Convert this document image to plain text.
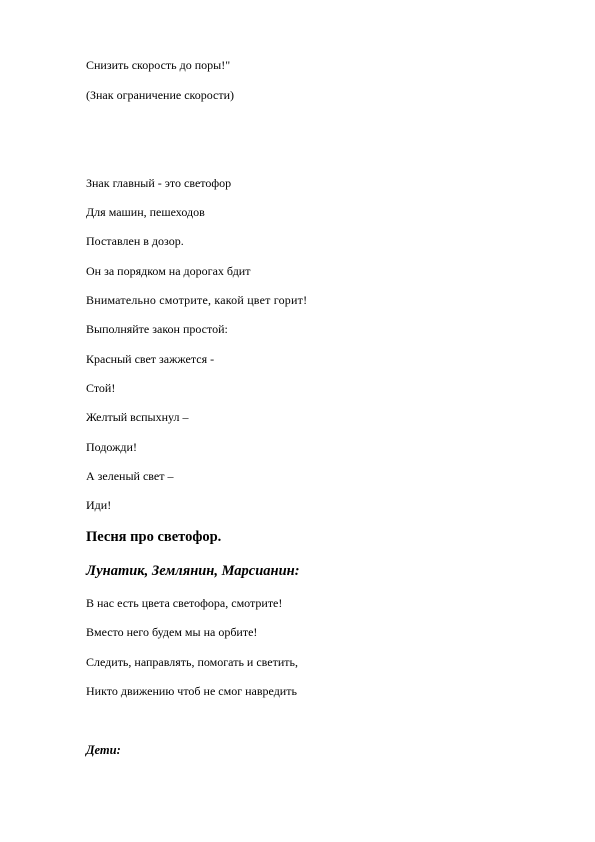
Снизить скорость до поры!"

(Знак ограничение скорости)

Знак главный - это светофор

Для машин, пешеходов

Поставлен в дозор.

Он за порядком на дорогах бдит

Внимательно смотрите, какой цвет горит!

Выполняйте закон простой:

Красный свет зажжется -

Стой!

Желтый вспыхнул –

Подожди!

А зеленый свет –

Иди!

Песня про светофор.

Лунатик, Землянин, Марсианин:

В нас есть цвета светофора, смотрите!

Вместо него будем мы на орбите!

Следить, направлять, помогать и светить,

Никто движению чтоб не смог навредить

Дети:
